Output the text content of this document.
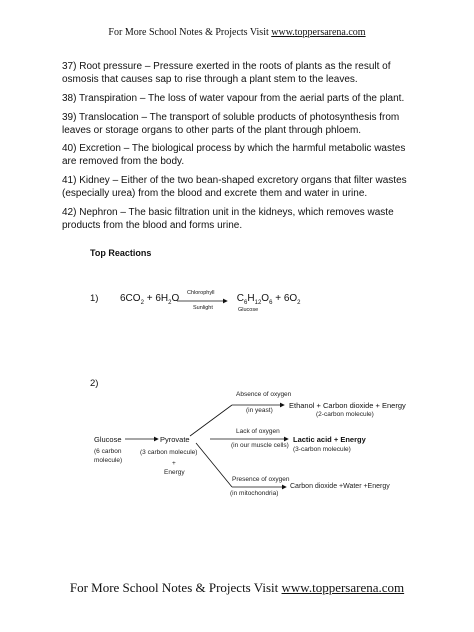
For More School Notes & Projects Visit www.toppersarena.com
37) Root pressure – Pressure exerted in the roots of plants as the result of osmosis that causes sap to rise through a plant stem to the leaves.
38) Transpiration – The loss of water vapour from the aerial parts of the plant.
39) Translocation – The transport of soluble products of photosynthesis from leaves or storage organs to other parts of the plant through phloem.
40) Excretion – The biological process by which the harmful metabolic wastes are removed from the body.
41) Kidney – Either of the two bean-shaped excretory organs that filter wastes (especially urea) from the blood and excrete them and water in urine.
42) Nephron – The basic filtration unit in the kidneys, which removes waste products from the blood and forms urine.
Top Reactions
1) $6CO_2 + 6H_2O$	$C_6H_{12}O_6 + 6O_2$
Chlorophyll
Sunlight	Glucose
2)
Glucose
(6 carbon
molecule)
Pyrovate
(3 carbon molecule)
+
Energy
Absence of oxygen
(in yeast)
Ethanol + Carbon dioxide + Energy
(2-carbon molecule)
Lack of oxygen
(in our muscle cells)
Lactic acid + Energy
(3-carbon molecule)
Presence of oxygen
(in mitochondria)
Carbon dioxide +Water +Energy
For More School Notes & Projects Visit www.toppersarena.com
